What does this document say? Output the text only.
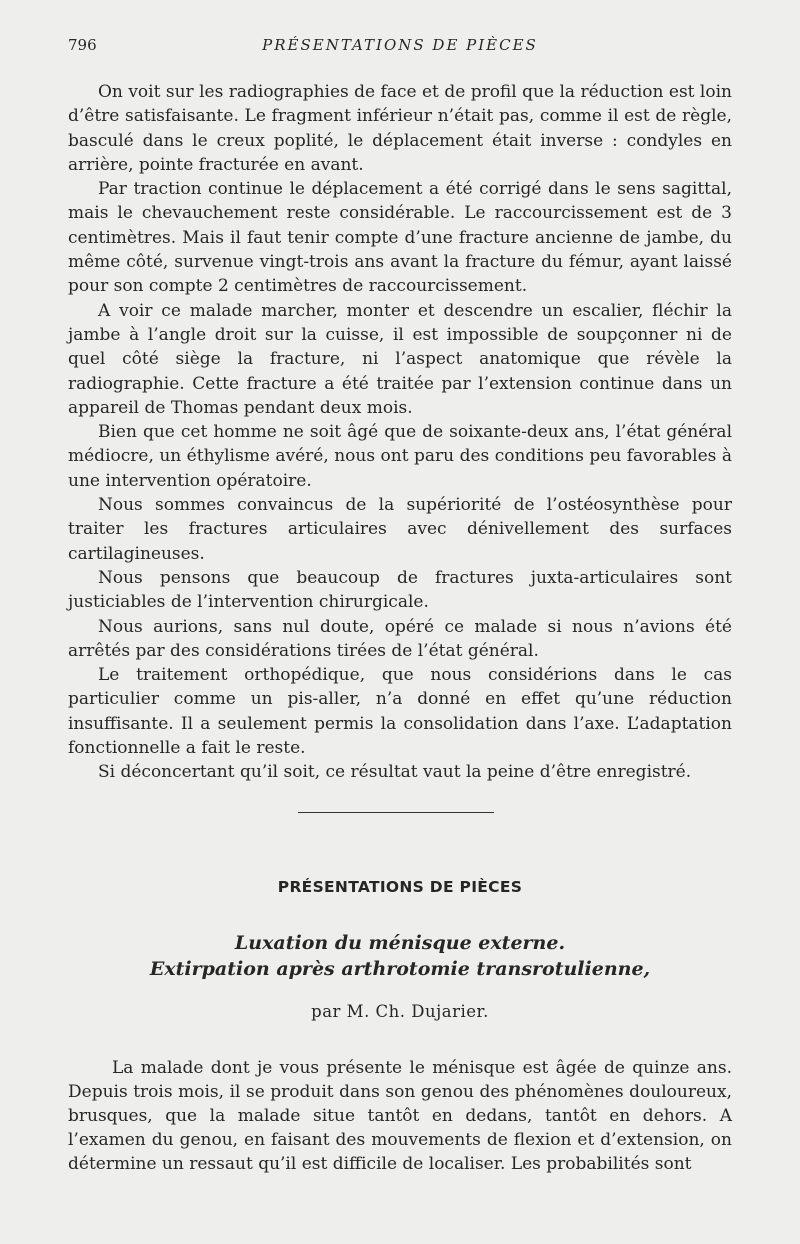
796	PRÉSENTATIONS DE PIÈCES

On voit sur les radiographies de face et de profil que la réduction est loin d’être satisfaisante. Le fragment inférieur n’était pas, comme il est de règle, basculé dans le creux poplité, le déplacement était inverse : condyles en arrière, pointe fracturée en avant.

Par traction continue le déplacement a été corrigé dans le sens sagittal, mais le chevauchement reste considérable. Le raccourcissement est de 3 centimètres. Mais il faut tenir compte d’une fracture ancienne de jambe, du même côté, survenue vingt-trois ans avant la fracture du fémur, ayant laissé pour son compte 2 centimètres de raccourcissement.

A voir ce malade marcher, monter et descendre un escalier, fléchir la jambe à l’angle droit sur la cuisse, il est impossible de soupçonner ni de quel côté siège la fracture, ni l’aspect anatomique que révèle la radiographie. Cette fracture a été traitée par l’extension continue dans un appareil de Thomas pendant deux mois.

Bien que cet homme ne soit âgé que de soixante-deux ans, l’état général médiocre, un éthylisme avéré, nous ont paru des conditions peu favorables à une intervention opératoire.

Nous sommes convaincus de la supériorité de l’ostéosynthèse pour traiter les fractures articulaires avec dénivellement des surfaces cartilagineuses.

Nous pensons que beaucoup de fractures juxta-articulaires sont justiciables de l’intervention chirurgicale.

Nous aurions, sans nul doute, opéré ce malade si nous n’avions été arrêtés par des considérations tirées de l’état général.

Le traitement orthopédique, que nous considérions dans le cas particulier comme un pis-aller, n’a donné en effet qu’une réduction insuffisante. Il a seulement permis la consolidation dans l’axe. L’adaptation fonctionnelle a fait le reste.

Si déconcertant qu’il soit, ce résultat vaut la peine d’être enregistré.

PRÉSENTATIONS DE PIÈCES
Luxation du ménisque externe.
Extirpation après arthrotomie transrotulienne,
par M. Ch. Dujarier.

La malade dont je vous présente le ménisque est âgée de quinze ans. Depuis trois mois, il se produit dans son genou des phénomènes douloureux, brusques, que la malade situe tantôt en dedans, tantôt en dehors. A l’examen du genou, en faisant des mouvements de flexion et d’extension, on détermine un ressaut qu’il est difficile de localiser. Les probabilités sont
